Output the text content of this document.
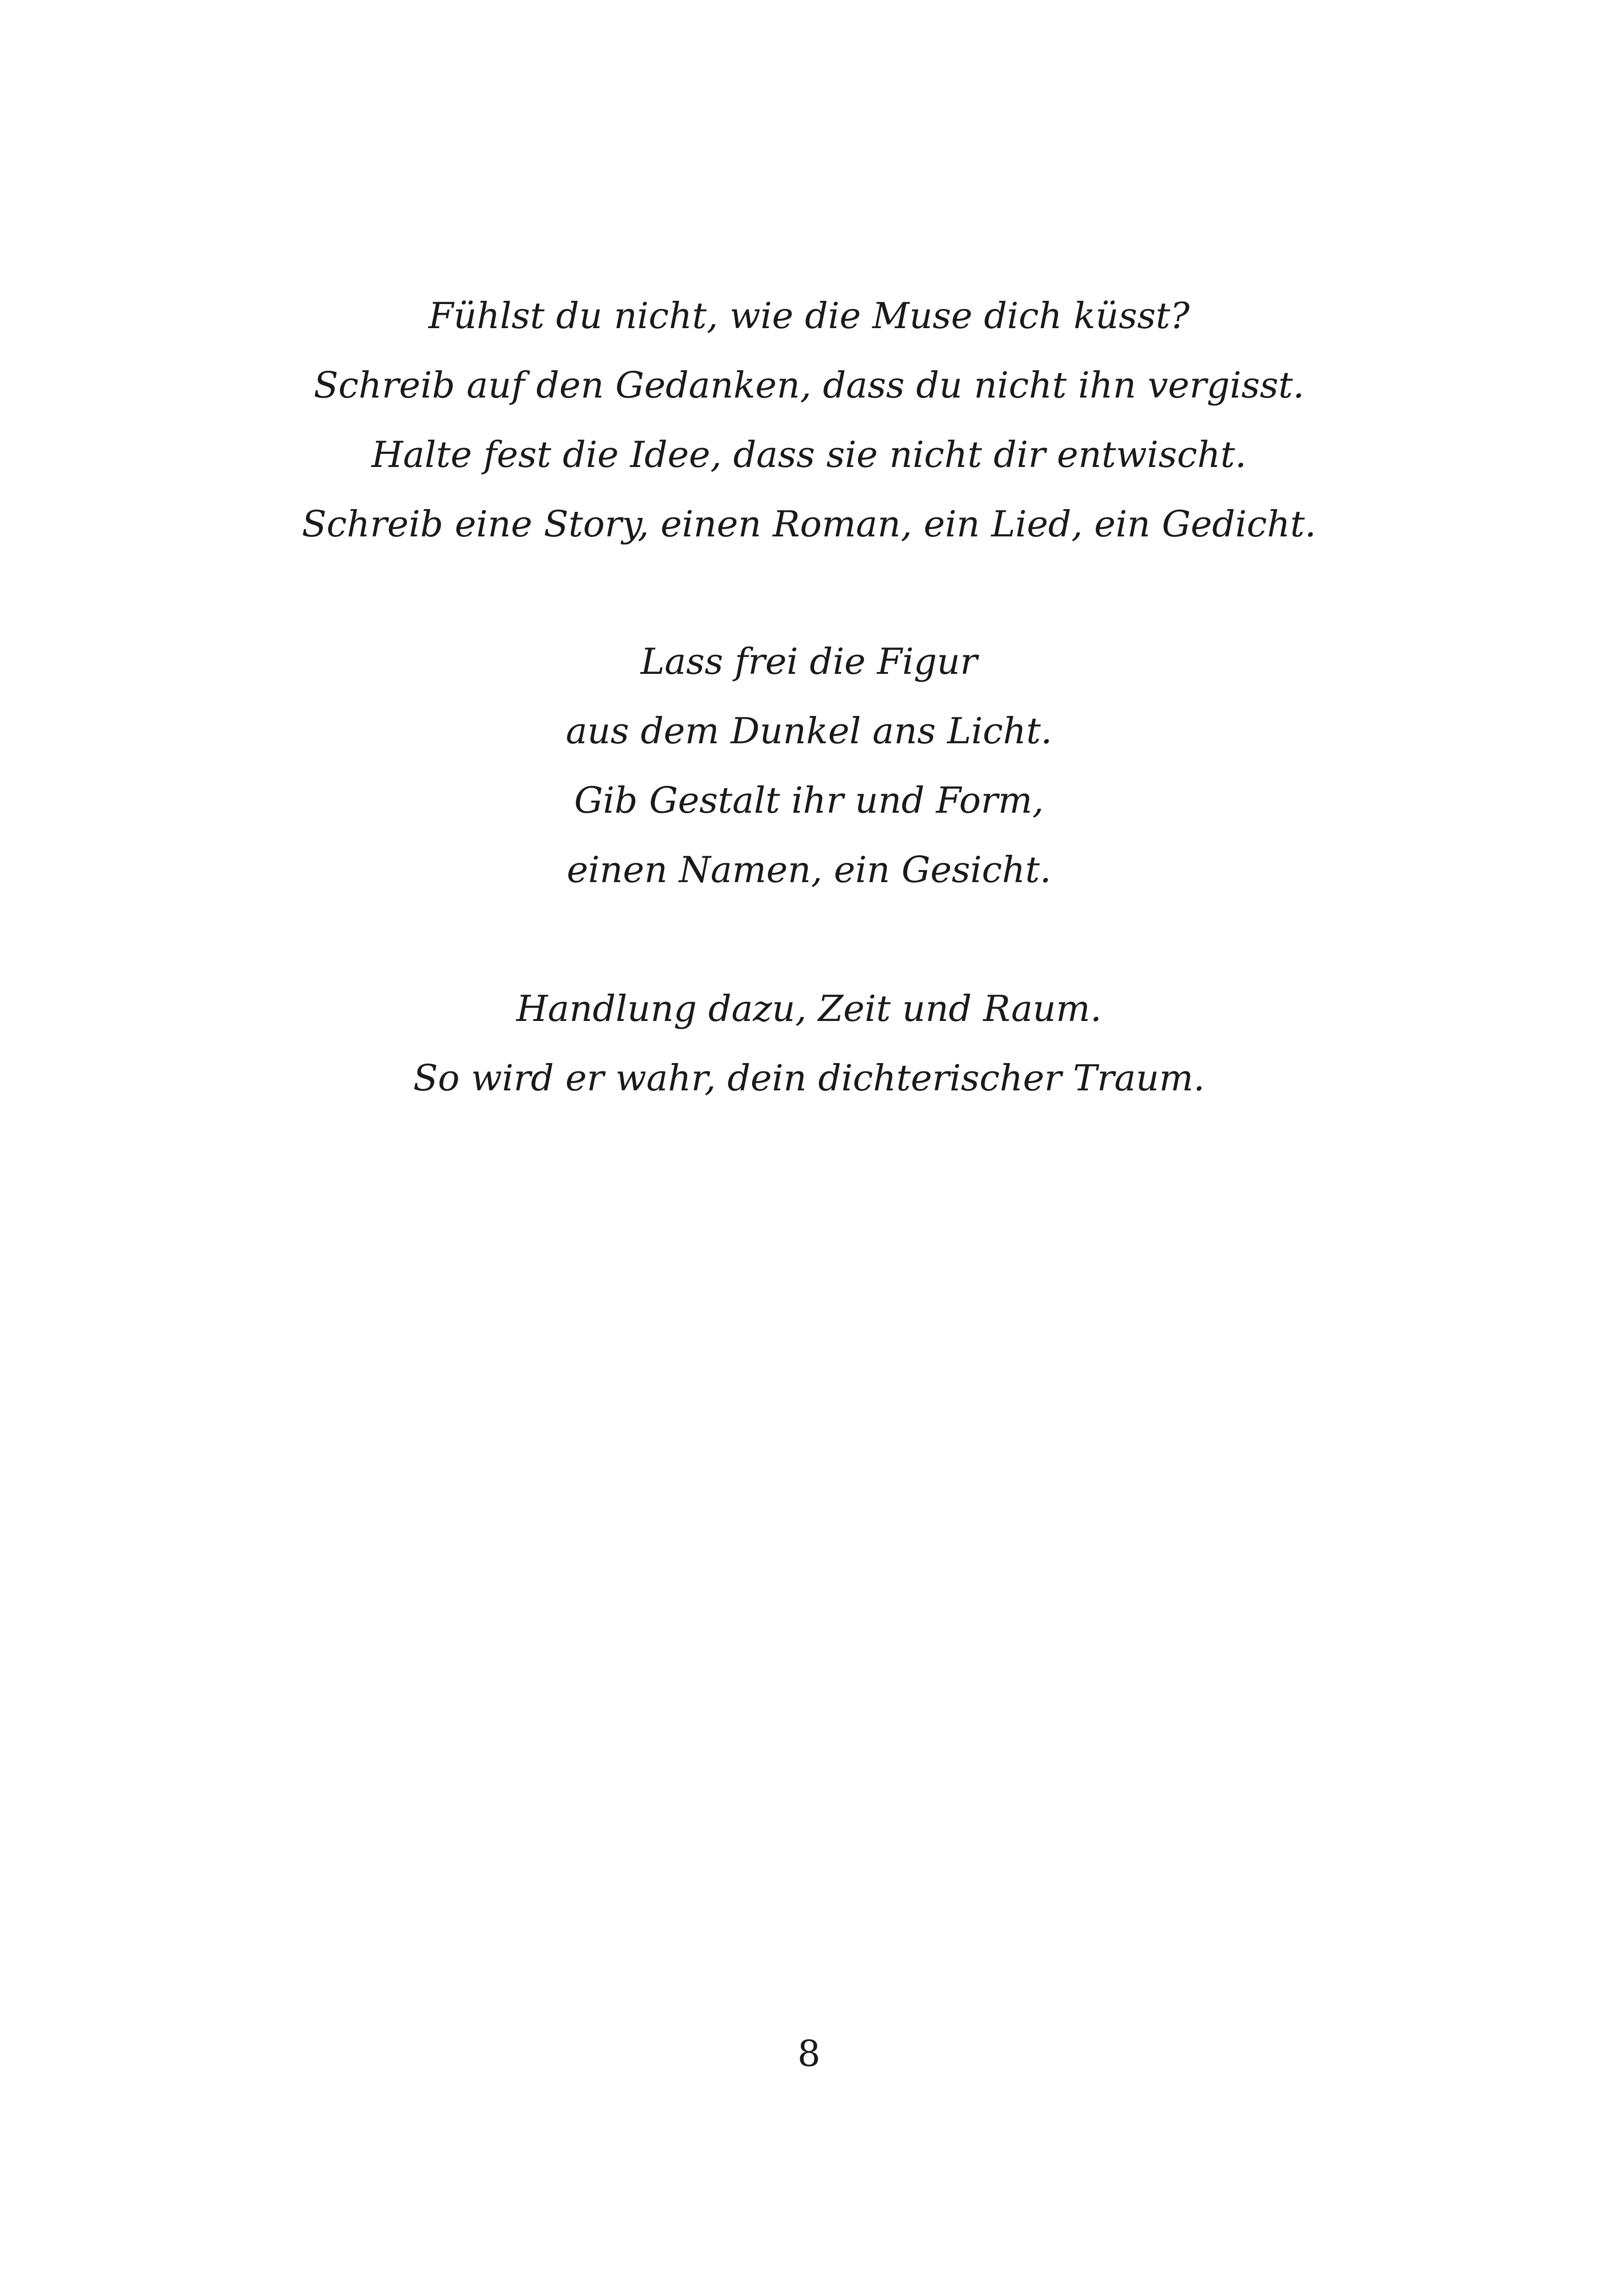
Fühlst du nicht, wie die Muse dich küsst?
Schreib auf den Gedanken, dass du nicht ihn vergisst.
Halte fest die Idee, dass sie nicht dir entwischt.
Schreib eine Story, einen Roman, ein Lied, ein Gedicht.
Lass frei die Figur
aus dem Dunkel ans Licht.
Gib Gestalt ihr und Form,
einen Namen, ein Gesicht.
Handlung dazu, Zeit und Raum.
So wird er wahr, dein dichterischer Traum.
8
